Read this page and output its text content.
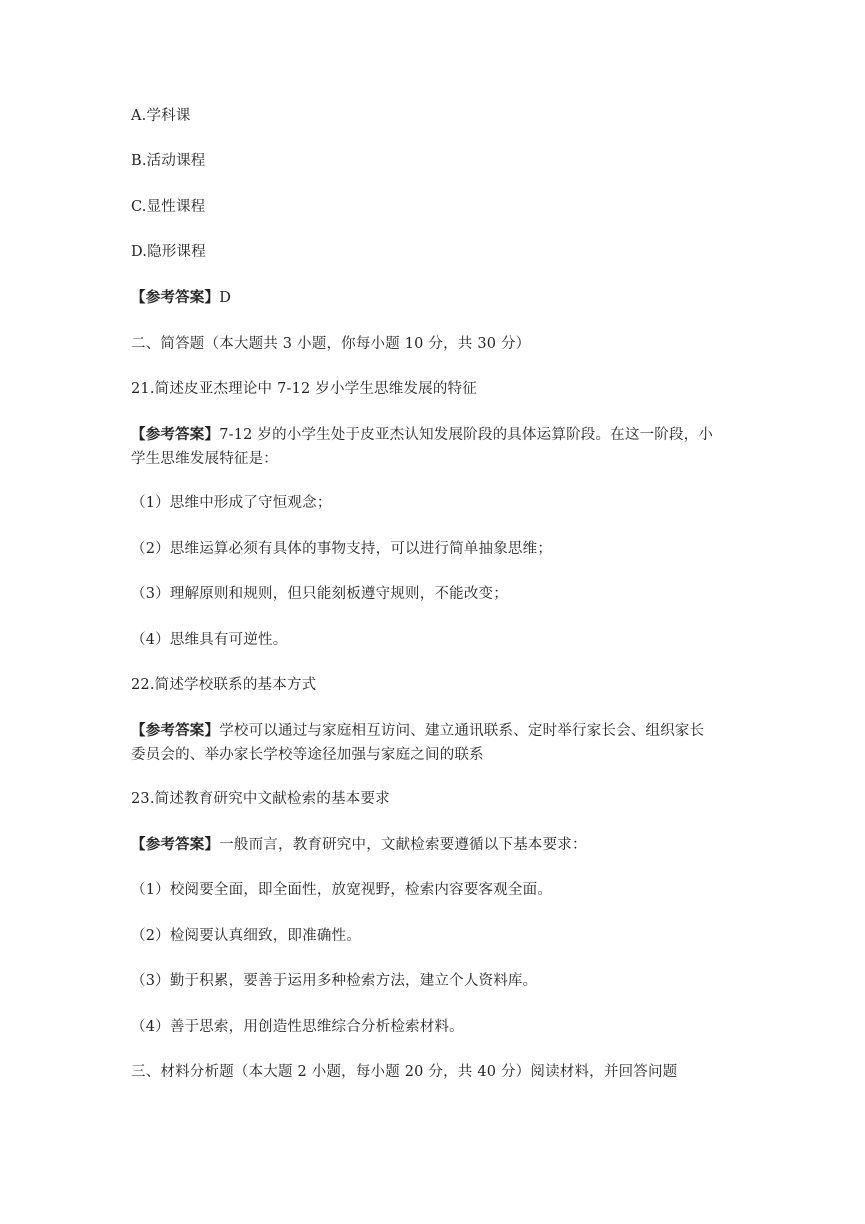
A.学科课
B.活动课程
C.显性课程
D.隐形课程
【参考答案】D
二、简答题（本大题共 3 小题，你每小题 10 分，共 30 分）
21.简述皮亚杰理论中 7-12 岁小学生思维发展的特征
【参考答案】7-12 岁的小学生处于皮亚杰认知发展阶段的具体运算阶段。在这一阶段，小
学生思维发展特征是：
（1）思维中形成了守恒观念；
（2）思维运算必须有具体的事物支持，可以进行简单抽象思维；
（3）理解原则和规则，但只能刻板遵守规则，不能改变；
（4）思维具有可逆性。
22.简述学校联系的基本方式
【参考答案】学校可以通过与家庭相互访问、建立通讯联系、定时举行家长会、组织家长
委员会的、举办家长学校等途径加强与家庭之间的联系
23.简述教育研究中文献检索的基本要求
【参考答案】一般而言，教育研究中，文献检索要遵循以下基本要求：
（1）校阅要全面，即全面性，放宽视野，检索内容要客观全面。
（2）检阅要认真细致，即准确性。
（3）勤于积累，要善于运用多种检索方法，建立个人资料库。
（4）善于思索，用创造性思维综合分析检索材料。
三、材料分析题（本大题 2 小题，每小题 20 分，共 40 分）阅读材料，并回答问题
